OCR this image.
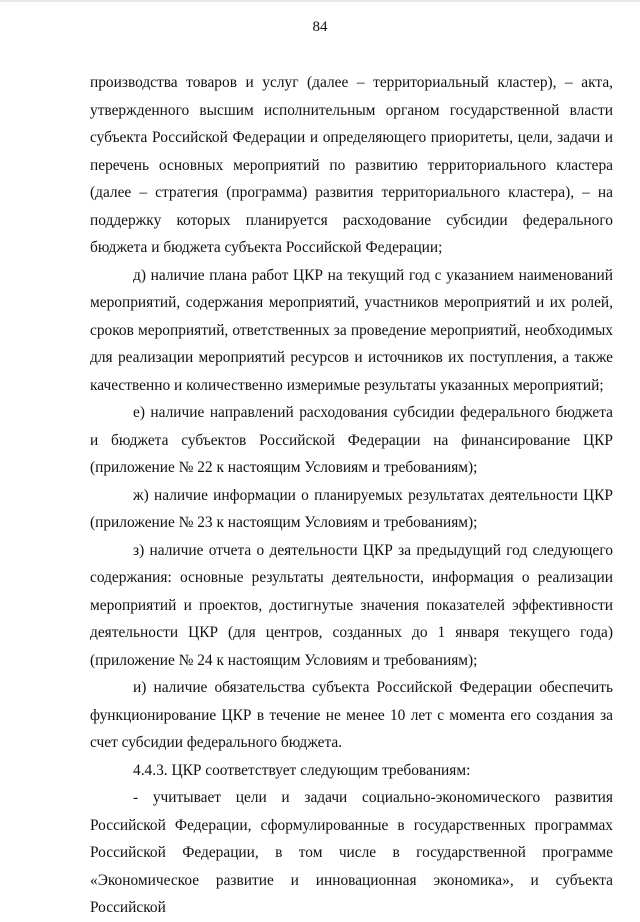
84

производства товаров и услуг (далее – территориальный кластер), – акта, утвержденного высшим исполнительным органом государственной власти субъекта Российской Федерации и определяющего приоритеты, цели, задачи и перечень основных мероприятий по развитию территориального кластера (далее – стратегия (программа) развития территориального кластера), – на поддержку которых планируется расходование субсидии федерального бюджета и бюджета субъекта Российской Федерации;

д) наличие плана работ ЦКР на текущий год с указанием наименований мероприятий, содержания мероприятий, участников мероприятий и их ролей, сроков мероприятий, ответственных за проведение мероприятий, необходимых для реализации мероприятий ресурсов и источников их поступления, а также качественно и количественно измеримые результаты указанных мероприятий;

е) наличие направлений расходования субсидии федерального бюджета и бюджета субъектов Российской Федерации на финансирование ЦКР (приложение № 22 к настоящим Условиям и требованиям);

ж) наличие информации о планируемых результатах деятельности ЦКР (приложение № 23 к настоящим Условиям и требованиям);

з) наличие отчета о деятельности ЦКР за предыдущий год следующего содержания: основные результаты деятельности, информация о реализации мероприятий и проектов, достигнутые значения показателей эффективности деятельности ЦКР (для центров, созданных до 1 января текущего года) (приложение № 24 к настоящим Условиям и требованиям);

и) наличие обязательства субъекта Российской Федерации обеспечить функционирование ЦКР в течение не менее 10 лет с момента его создания за счет субсидии федерального бюджета.

4.4.3. ЦКР соответствует следующим требованиям:

- учитывает цели и задачи социально-экономического развития Российской Федерации, сформулированные в государственных программах Российской Федерации, в том числе в государственной программе «Экономическое развитие и инновационная экономика», и субъекта Российской
